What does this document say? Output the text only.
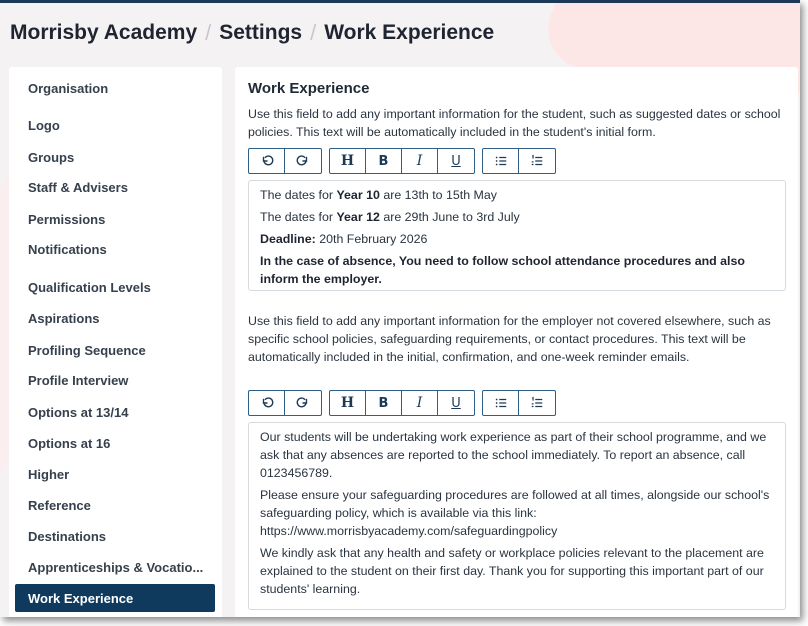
Morrisby Academy / Settings / Work Experience
Organisation
Logo
Groups
Staff & Advisers
Permissions
Notifications
Qualification Levels
Aspirations
Profiling Sequence
Profile Interview
Options at 13/14
Options at 16
Higher
Reference
Destinations
Apprenticeships & Vocatio...
Work Experience
Work Experience
Use this field to add any important information for the student, such as suggested dates or school policies. This text will be automatically included in the student's initial form.
H	B	I	U
The dates for Year 10 are 13th to 15th May
The dates for Year 12 are 29th June to 3rd July
Deadline: 20th February 2026
In the case of absence, You need to follow school attendance procedures and also inform the employer.
Use this field to add any important information for the employer not covered elsewhere, such as specific school policies, safeguarding requirements, or contact procedures. This text will be automatically included in the initial, confirmation, and one-week reminder emails.
H	B	I	U
Our students will be undertaking work experience as part of their school programme, and we ask that any absences are reported to the school immediately. To report an absence, call 0123456789.
Please ensure your safeguarding procedures are followed at all times, alongside our school's safeguarding policy, which is available via this link: https://www.morrisbyacademy.com/safeguardingpolicy
We kindly ask that any health and safety or workplace policies relevant to the placement are explained to the student on their first day. Thank you for supporting this important part of our students' learning.
